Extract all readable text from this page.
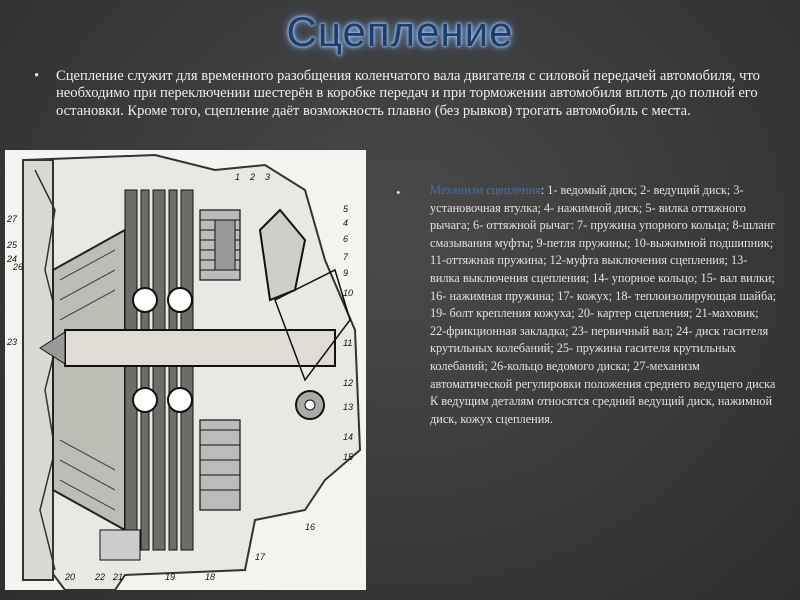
Сцепление
• Сцепление служит для временного разобщения коленчатого вала двигателя с силовой передачей автомобиля, что необходимо при переключении шестерён в коробке передач и при торможении автомобиля вплоть до полной его остановки. Кроме того, сцепление даёт возможность плавно (без рывков) трогать автомобиль с места.
27
25
24
23
22 21
5
4
6
7
9
10
11
12
13
14
15
1 2 3
26
20	19	18
17
16
• Механизм сцепления: 1- ведомый диск; 2- ведущий диск; 3- установочная втулка; 4- нажимной диск; 5- вилка оттяжного рычага; 6- оттяжной рычаг: 7- пружина упорного кольца; 8-шланг смазывания муфты; 9-петля пружины; 10-выжимной подшипник; 11-оттяжная пружина; 12-муфта выключения сцепления; 13- вилка выключения сцепления; 14- упорное кольцо; 15- вал вилки; 16- нажимная пружина; 17- кожух; 18- теплоизолирующая шайба; 19- болт крепления кожуха; 20- картер сцепления; 21-маховик; 22-фрикционная закладка; 23- первичный вал; 24- диск гасителя крутильных колебаний; 25- пружина гасителя крутильных колебаний; 26-кольцо ведомого диска; 27-механизм автоматической регулировки положения среднего ведущего диска К ведущим деталям относятся средний ведущий диск, нажимной диск, кожух сцепления.
